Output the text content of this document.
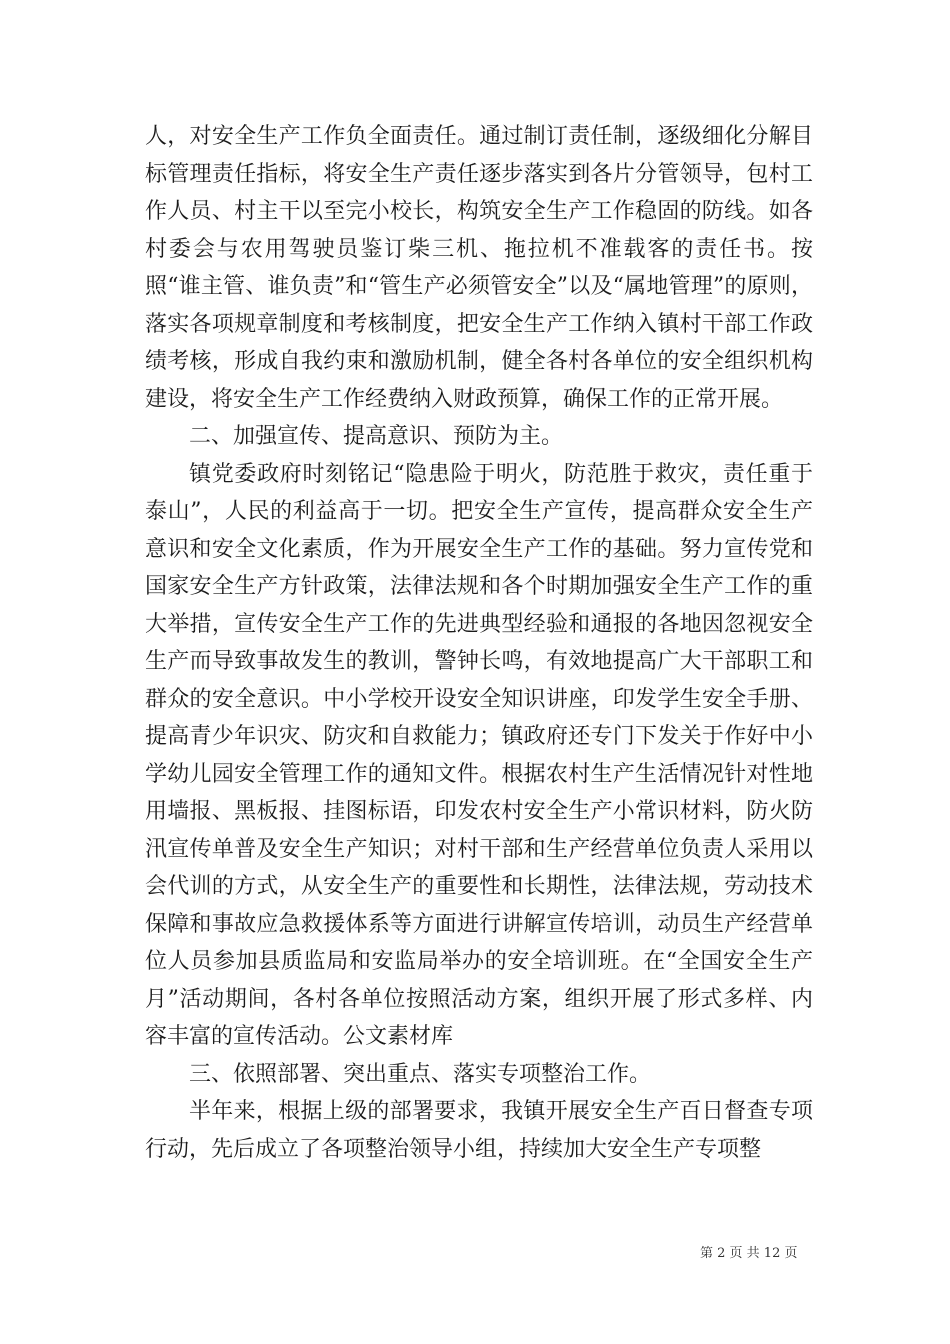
人，对安全生产工作负全面责任。通过制订责任制，逐级细化分解目标管理责任指标，将安全生产责任逐步落实到各片分管领导，包村工作人员、村主干以至完小校长，构筑安全生产工作稳固的防线。如各村委会与农用驾驶员鉴订柴三机、拖拉机不准载客的责任书。按照“谁主管、谁负责”和“管生产必须管安全”以及“属地管理”的原则，落实各项规章制度和考核制度，把安全生产工作纳入镇村干部工作政绩考核，形成自我约束和激励机制，健全各村各单位的安全组织机构建设，将安全生产工作经费纳入财政预算，确保工作的正常开展。

二、加强宣传、提高意识、预防为主。

镇党委政府时刻铭记“隐患险于明火，防范胜于救灾，责任重于泰山”，人民的利益高于一切。把安全生产宣传，提高群众安全生产意识和安全文化素质，作为开展安全生产工作的基础。努力宣传党和国家安全生产方针政策，法律法规和各个时期加强安全生产工作的重大举措，宣传安全生产工作的先进典型经验和通报的各地因忽视安全生产而导致事故发生的教训，警钟长鸣，有效地提高广大干部职工和群众的安全意识。中小学校开设安全知识讲座，印发学生安全手册、提高青少年识灾、防灾和自救能力；镇政府还专门下发关于作好中小学幼儿园安全管理工作的通知文件。根据农村生产生活情况针对性地用墙报、黑板报、挂图标语，印发农村安全生产小常识材料，防火防汛宣传单普及安全生产知识；对村干部和生产经营单位负责人采用以会代训的方式，从安全生产的重要性和长期性，法律法规，劳动技术保障和事故应急救援体系等方面进行讲解宣传培训，动员生产经营单位人员参加县质监局和安监局举办的安全培训班。在“全国安全生产月”活动期间，各村各单位按照活动方案，组织开展了形式多样、内容丰富的宣传活动。公文素材库

三、依照部署、突出重点、落实专项整治工作。

半年来，根据上级的部署要求，我镇开展安全生产百日督查专项行动，先后成立了各项整治领导小组，持续加大安全生产专项整

第 2 页 共 12 页
